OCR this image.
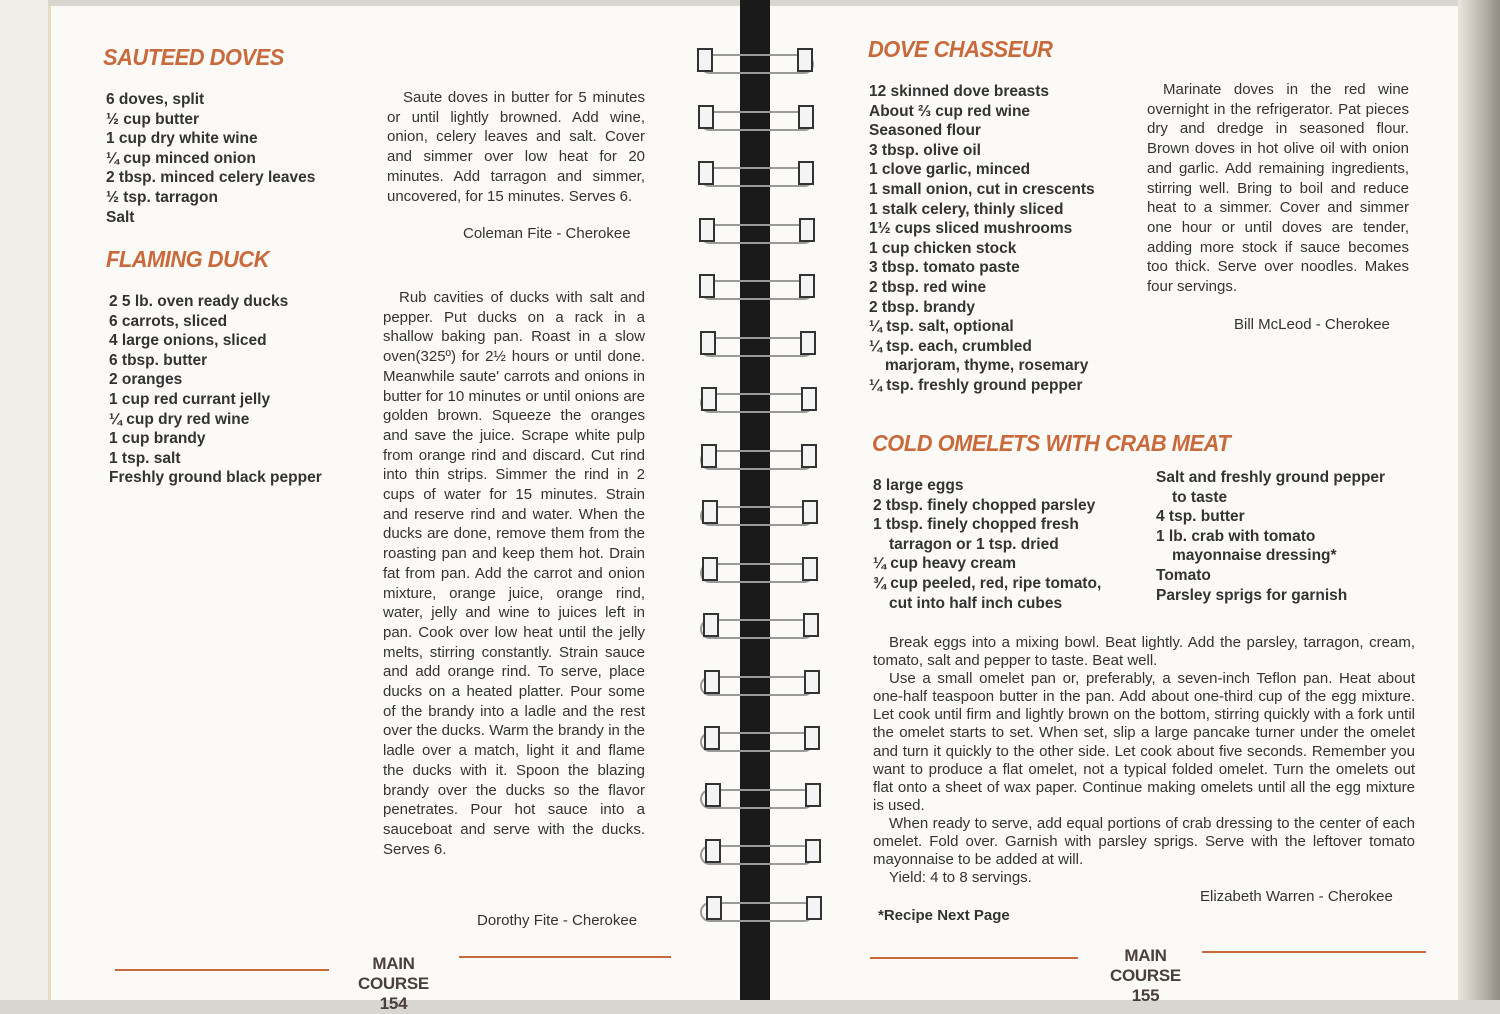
SAUTEED DOVES
6 doves, split
½ cup butter
1 cup dry white wine
¼ cup minced onion
2 tbsp. minced celery leaves
½ tsp. tarragon
Salt
Saute doves in butter for 5 minutes or until lightly browned. Add wine, onion, celery leaves and salt. Cover and simmer over low heat for 20 minutes. Add tarragon and simmer, uncovered, for 15 minutes. Serves 6.
Coleman Fite - Cherokee
FLAMING DUCK
2 5 lb. oven ready ducks
6 carrots, sliced
4 large onions, sliced
6 tbsp. butter
2 oranges
1 cup red currant jelly
¼ cup dry red wine
1 cup brandy
1 tsp. salt
Freshly ground black pepper
Rub cavities of ducks with salt and pepper. Put ducks on a rack in a shallow baking pan. Roast in a slow oven(325º) for 2½ hours or until done. Meanwhile saute' carrots and onions in butter for 10 minutes or until onions are golden brown. Squeeze the oranges and save the juice. Scrape white pulp from orange rind and discard. Cut rind into thin strips. Simmer the rind in 2 cups of water for 15 minutes. Strain and reserve rind and water. When the ducks are done, remove them from the roasting pan and keep them hot. Drain fat from pan. Add the carrot and onion mixture, orange juice, orange rind, water, jelly and wine to juices left in pan. Cook over low heat until the jelly melts, stirring constantly. Strain sauce and add orange rind. To serve, place ducks on a heated platter. Pour some of the brandy into a ladle and the rest over the ducks. Warm the brandy in the ladle over a match, light it and flame the ducks with it. Spoon the blazing brandy over the ducks so the flavor penetrates. Pour hot sauce into a sauceboat and serve with the ducks. Serves 6.
Dorothy Fite - Cherokee
MAIN COURSE
154
DOVE CHASSEUR
12 skinned dove breasts
About ⅔ cup red wine
Seasoned flour
3 tbsp. olive oil
1 clove garlic, minced
1 small onion, cut in crescents
1 stalk celery, thinly sliced
1½ cups sliced mushrooms
1 cup chicken stock
3 tbsp. tomato paste
2 tbsp. red wine
2 tbsp. brandy
¼ tsp. salt, optional
¼ tsp. each, crumbled
marjoram, thyme, rosemary
¼ tsp. freshly ground pepper
Marinate doves in the red wine overnight in the refrigerator. Pat pieces dry and dredge in seasoned flour. Brown doves in hot olive oil with onion and garlic. Add remaining ingredients, stirring well. Bring to boil and reduce heat to a simmer. Cover and simmer one hour or until doves are tender, adding more stock if sauce becomes too thick. Serve over noodles. Makes four servings.
Bill McLeod - Cherokee
COLD OMELETS WITH CRAB MEAT
8 large eggs
2 tbsp. finely chopped parsley
1 tbsp. finely chopped fresh
tarragon or 1 tsp. dried
¼ cup heavy cream
¾ cup peeled, red, ripe tomato,
cut into half inch cubes
Salt and freshly ground pepper
to taste
4 tsp. butter
1 lb. crab with tomato
mayonnaise dressing*
Tomato
Parsley sprigs for garnish
Break eggs into a mixing bowl. Beat lightly. Add the parsley, tarragon, cream, tomato, salt and pepper to taste. Beat well.
Use a small omelet pan or, preferably, a seven-inch Teflon pan. Heat about one-half teaspoon butter in the pan. Add about one-third cup of the egg mixture. Let cook until firm and lightly brown on the bottom, stirring quickly with a fork until the omelet starts to set. When set, slip a large pancake turner under the omelet and turn it quickly to the other side. Let cook about five seconds. Remember you want to produce a flat omelet, not a typical folded omelet. Turn the omelets out flat onto a sheet of wax paper. Continue making omelets until all the egg mixture is used.
When ready to serve, add equal portions of crab dressing to the center of each omelet. Fold over. Garnish with parsley sprigs. Serve with the leftover tomato mayonnaise to be added at will.
Yield: 4 to 8 servings.
Elizabeth Warren - Cherokee
*Recipe Next Page
MAIN COURSE
155
